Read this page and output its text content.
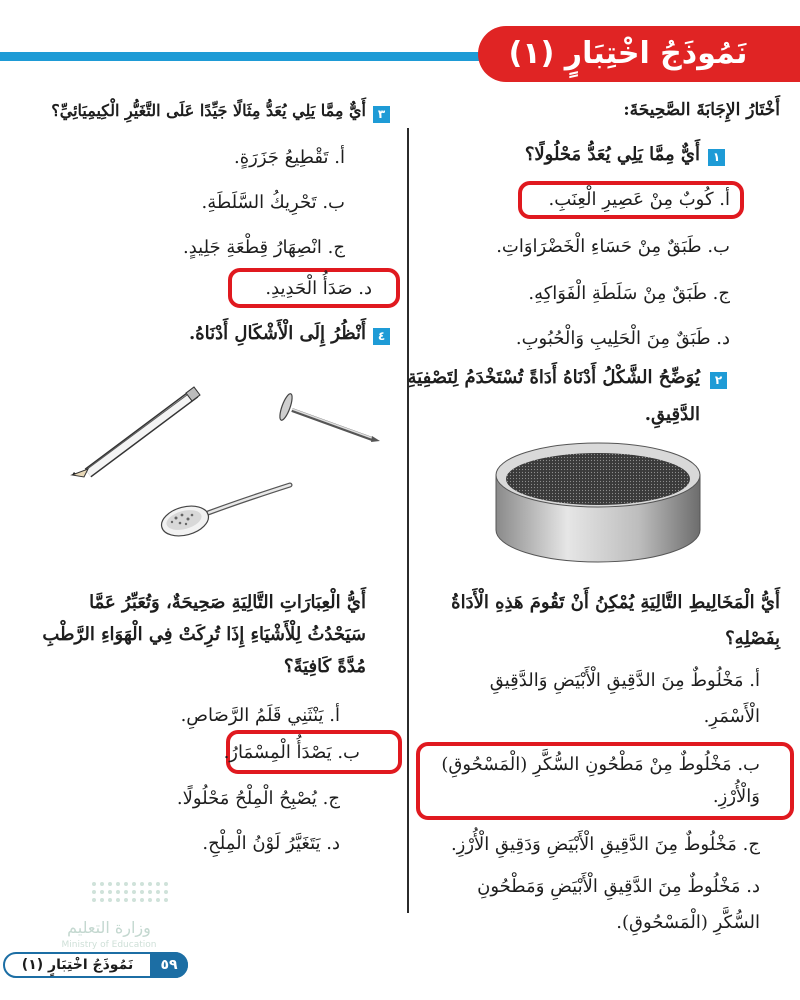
نَمُوذَجُ اخْتِبَارٍ (١)
أَخْتَارُ الإِجَابَةَ الصَّحِيحَةَ:
١
أَيٌّ مِمَّا يَلِي يُعَدُّ مَحْلُولًا؟
أ. كُوبٌ مِنْ عَصِيرِ الْعِنَبِ.
ب. طَبَقٌ مِنْ حَسَاءِ الْخَضْرَاوَاتِ.
ج. طَبَقٌ مِنْ سَلَطَةِ الْفَوَاكِهِ.
د. طَبَقٌ مِنَ الْحَلِيبِ وَالْحُبُوبِ.
٢
يُوَضِّحُ الشَّكْلُ أَدْنَاهُ أَدَاةً تُسْتَخْدَمُ لِتَصْفِيَةِ
الدَّقِيقِ.
أَيُّ الْمَخَالِيطِ التَّالِيَةِ يُمْكِنُ أَنْ تَقُومَ هَذِهِ الْأَدَاةُ
بِفَصْلِهِ؟
أ. مَخْلُوطٌ مِنَ الدَّقِيقِ الْأَبْيَضِ وَالدَّقِيقِ
الْأَسْمَرِ.
ب. مَخْلُوطٌ مِنْ مَطْحُونِ السُّكَّرِ (الْمَسْحُوقِ)
وَالْأُرْزِ.
ج. مَخْلُوطٌ مِنَ الدَّقِيقِ الْأَبْيَضِ وَدَقِيقِ الْأُرْزِ.
د. مَخْلُوطٌ مِنَ الدَّقِيقِ الْأَبْيَضِ وَمَطْحُونِ
السُّكَّرِ (الْمَسْحُوقِ).
٣
أَيٌّ مِمَّا يَلِي يُعَدُّ مِثَالًا جَيِّدًا عَلَى التَّغَيُّرِ الْكِيمِيَائِيِّ؟
أ. تَقْطِيعُ جَزَرَةٍ.
ب. تَحْرِيكُ السَّلَطَةِ.
ج. انْصِهَارُ قِطْعَةِ جَلِيدٍ.
د. صَدَأُ الْحَدِيدِ.
٤
أَنْظُرُ إِلَى الْأَشْكَالِ أَدْنَاهُ.
أَيُّ الْعِبَارَاتِ التَّالِيَةِ صَحِيحَةٌ، وَتُعَبِّرُ عَمَّا
سَيَحْدُثُ لِلْأَشْيَاءِ إِذَا تُرِكَتْ فِي الْهَوَاءِ الرَّطْبِ
مُدَّةً كَافِيَةً؟
أ. يَنْثَنِي قَلَمُ الرَّصَاصِ.
ب. يَصْدَأُ الْمِسْمَارُ.
ج. يُصْبِحُ الْمِلْحُ مَحْلُولًا.
د. يَتَغَيَّرُ لَوْنُ الْمِلْحِ.
وزارة التعليم
Ministry of Education
٥٩
نَمُوذَجُ اخْتِبَارٍ (١)
